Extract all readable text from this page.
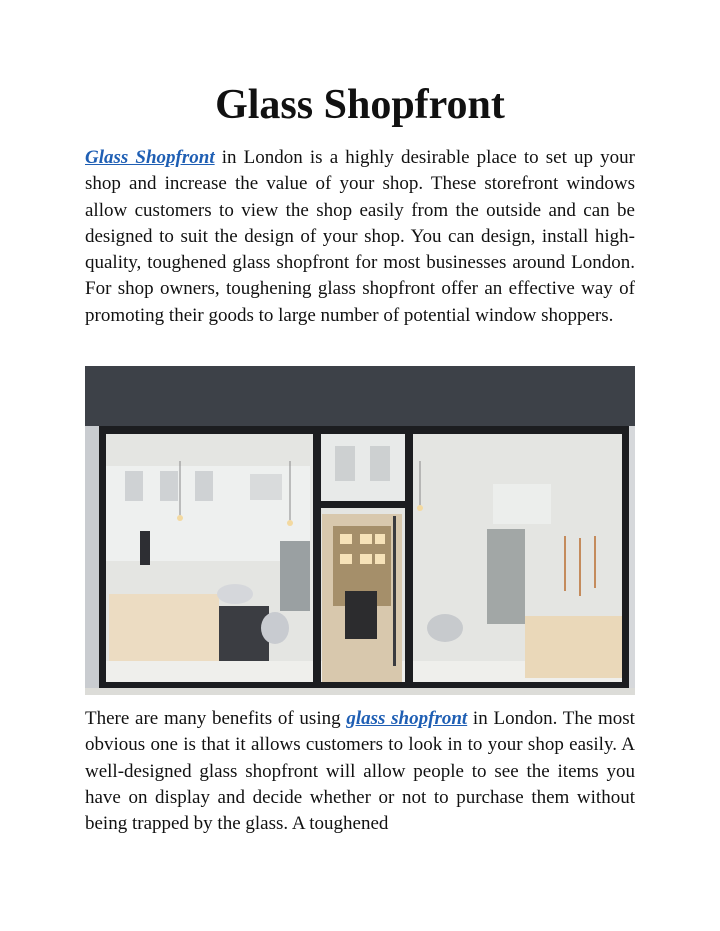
Glass Shopfront

Glass Shopfront in London is a highly desirable place to set up your shop and increase the value of your shop. These storefront windows allow customers to view the shop easily from the outside and can be designed to suit the design of your shop. You can design, install high-quality, toughened glass shopfront for most businesses around London. For shop owners, toughening glass shopfront offer an effective way of promoting their goods to large number of potential window shoppers.

There are many benefits of using glass shopfront in London. The most obvious one is that it allows customers to look in to your shop easily. A well-designed glass shopfront will allow people to see the items you have on display and decide whether or not to purchase them without being trapped by the glass. A toughened
